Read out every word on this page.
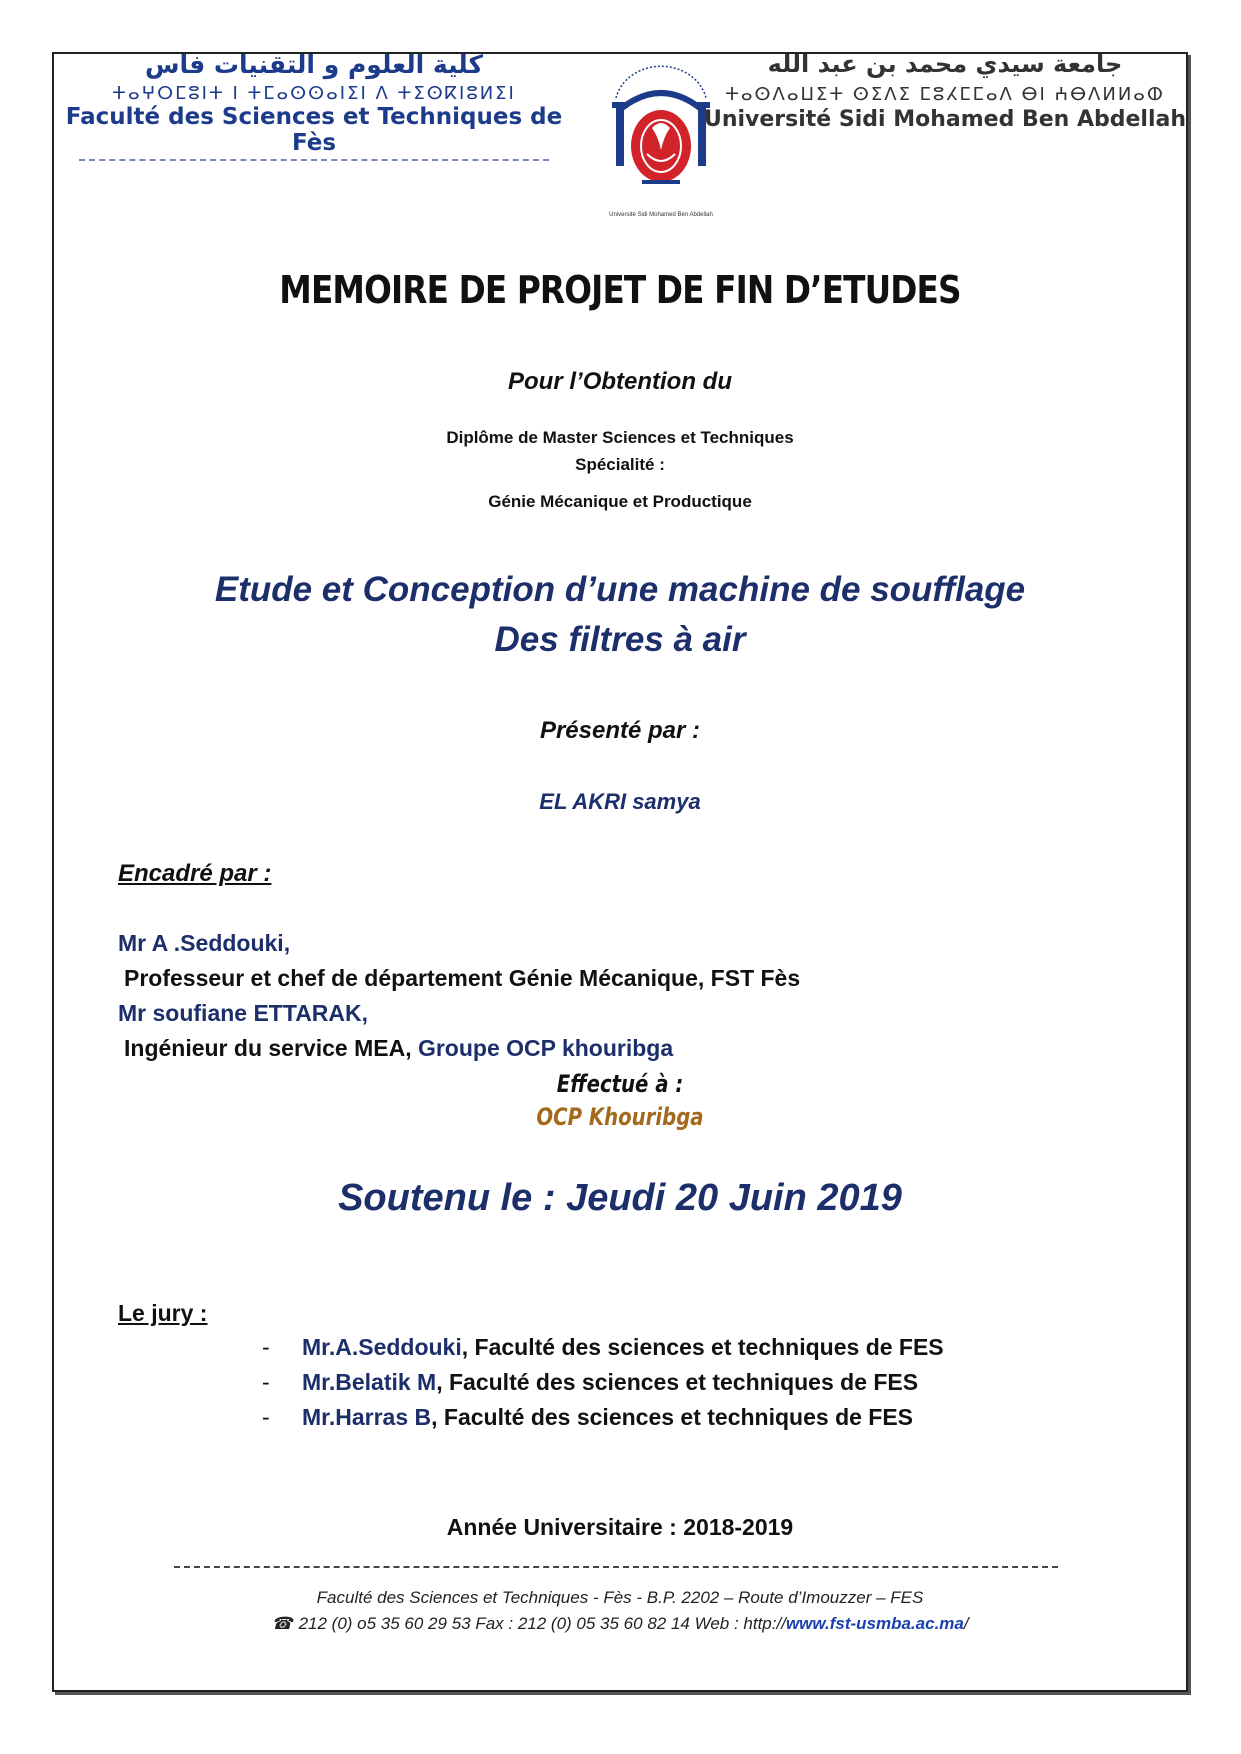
كلية العلوم و التقنيات فاس
ⵜⴰⵖⵔⵎⵓⵏⵜ ⵏ ⵜⵎⴰⵙⵙⴰⵏⵉⵏ ⴷ ⵜⵉⵙⴽⵏⵓⵍⵉⵏ
Faculté des Sciences et Techniques de Fès
Université Sidi Mohamed Ben Abdellah
جامعة سيدي محمد بن عبد الله
ⵜⴰⵙⴷⴰⵡⵉⵜ ⵙⵉⴷⵉ ⵎⵓⵃⵎⵎⴰⴷ ⴱⵏ ⵄⴱⴷⵍⵍⴰⵀ
Université Sidi Mohamed Ben Abdellah
MEMOIRE DE PROJET DE FIN D’ETUDES
Pour l’Obtention du
Diplôme de Master Sciences et Techniques
Spécialité :
Génie Mécanique et Productique
Etude et Conception d’une machine de soufflage
Des filtres à air
Présenté par :
EL AKRI samya
Encadré par :
Mr A .Seddouki,
Professeur et chef de département Génie Mécanique, FST Fès
Mr soufiane ETTARAK,
Ingénieur du service MEA, Groupe OCP khouribga
Effectué à :
OCP Khouribga
Soutenu le : Jeudi 20 Juin 2019
Le jury :
- Mr.A.Seddouki, Faculté des sciences et techniques de FES
- Mr.Belatik M, Faculté des sciences et techniques de FES
- Mr.Harras B, Faculté des sciences et techniques de FES
Année Universitaire : 2018-2019
Faculté des Sciences et Techniques - Fès - B.P. 2202 – Route d’Imouzzer – FES
☎ 212 (0) o5 35 60 29 53 Fax : 212 (0) 05 35 60 82 14 Web : http://www.fst-usmba.ac.ma/
